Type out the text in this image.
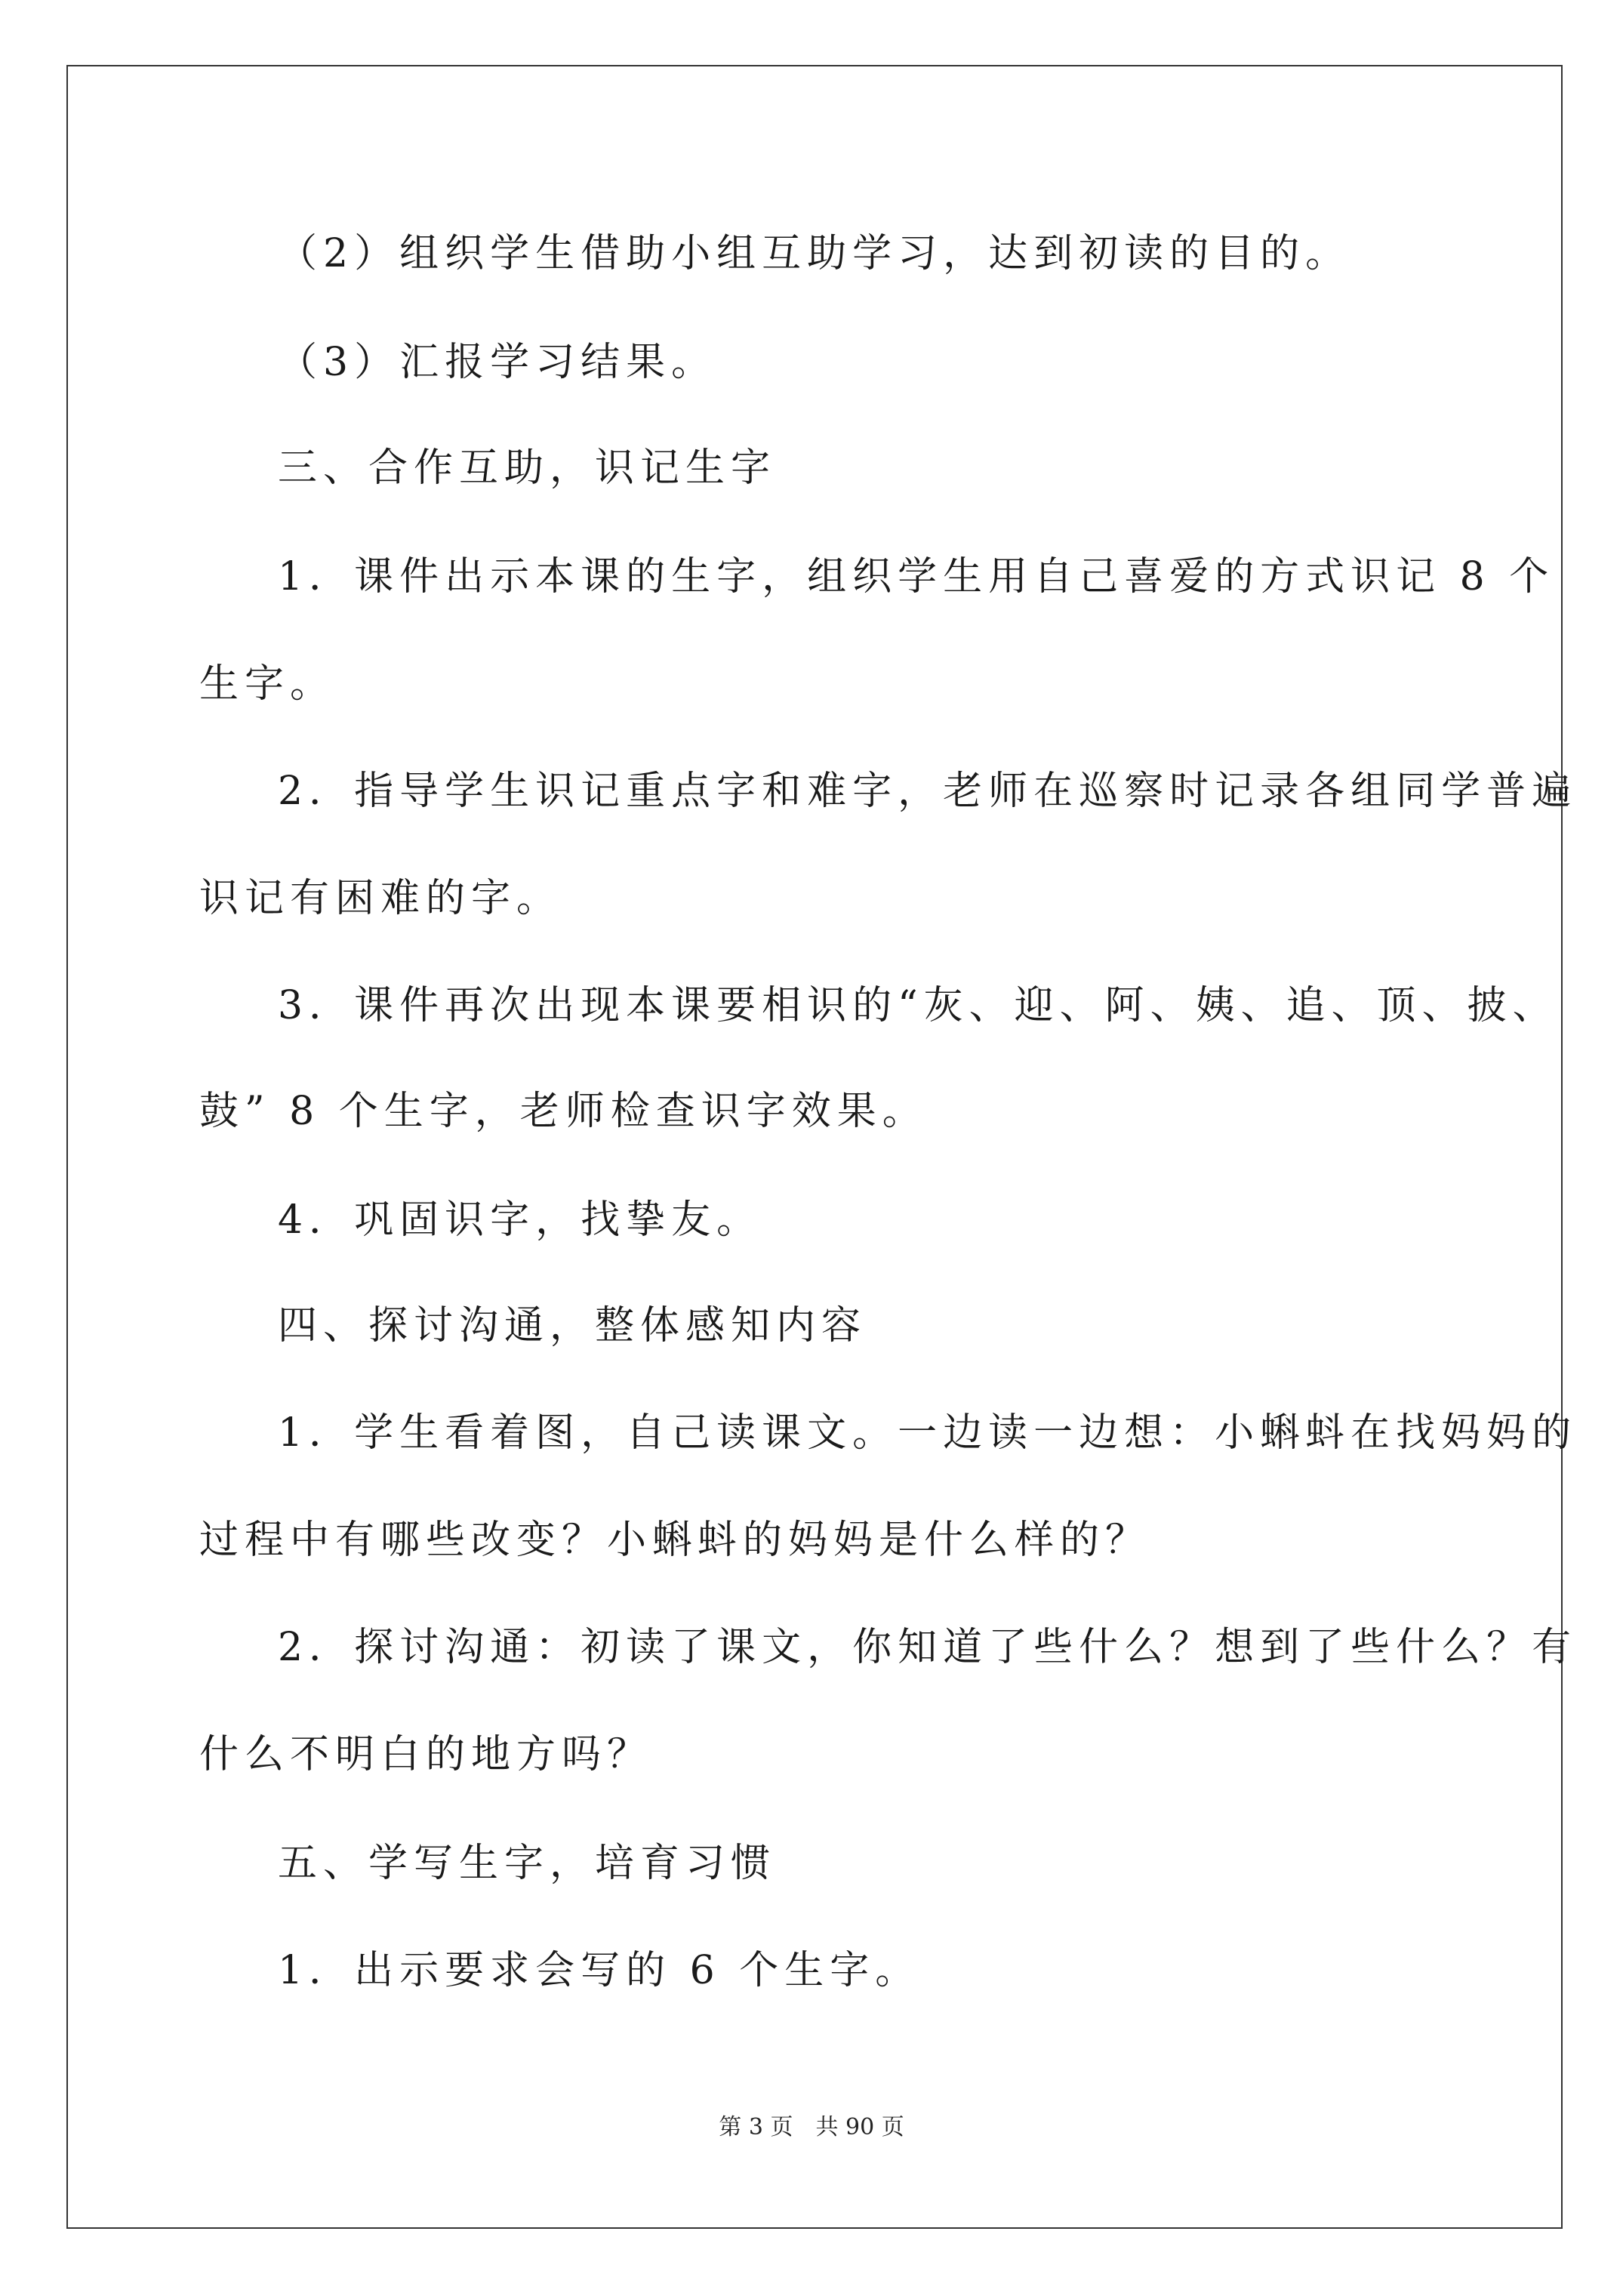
（2）组织学生借助小组互助学习，达到初读的目的。
（3）汇报学习结果。
三、合作互助，识记生字
1．课件出示本课的生字，组织学生用自己喜爱的方式识记 8 个
生字。
2．指导学生识记重点字和难字，老师在巡察时记录各组同学普遍
识记有困难的字。
3．课件再次出现本课要相识的“灰、迎、阿、姨、追、顶、披、
鼓” 8 个生字，老师检查识字效果。
4．巩固识字，找挚友。
四、探讨沟通，整体感知内容
1．学生看着图，自己读课文。一边读一边想：小蝌蚪在找妈妈的
过程中有哪些改变？小蝌蚪的妈妈是什么样的？
2．探讨沟通：初读了课文，你知道了些什么？想到了些什么？有
什么不明白的地方吗？
五、学写生字，培育习惯
1．出示要求会写的 6 个生字。
第 3 页　共 90 页
